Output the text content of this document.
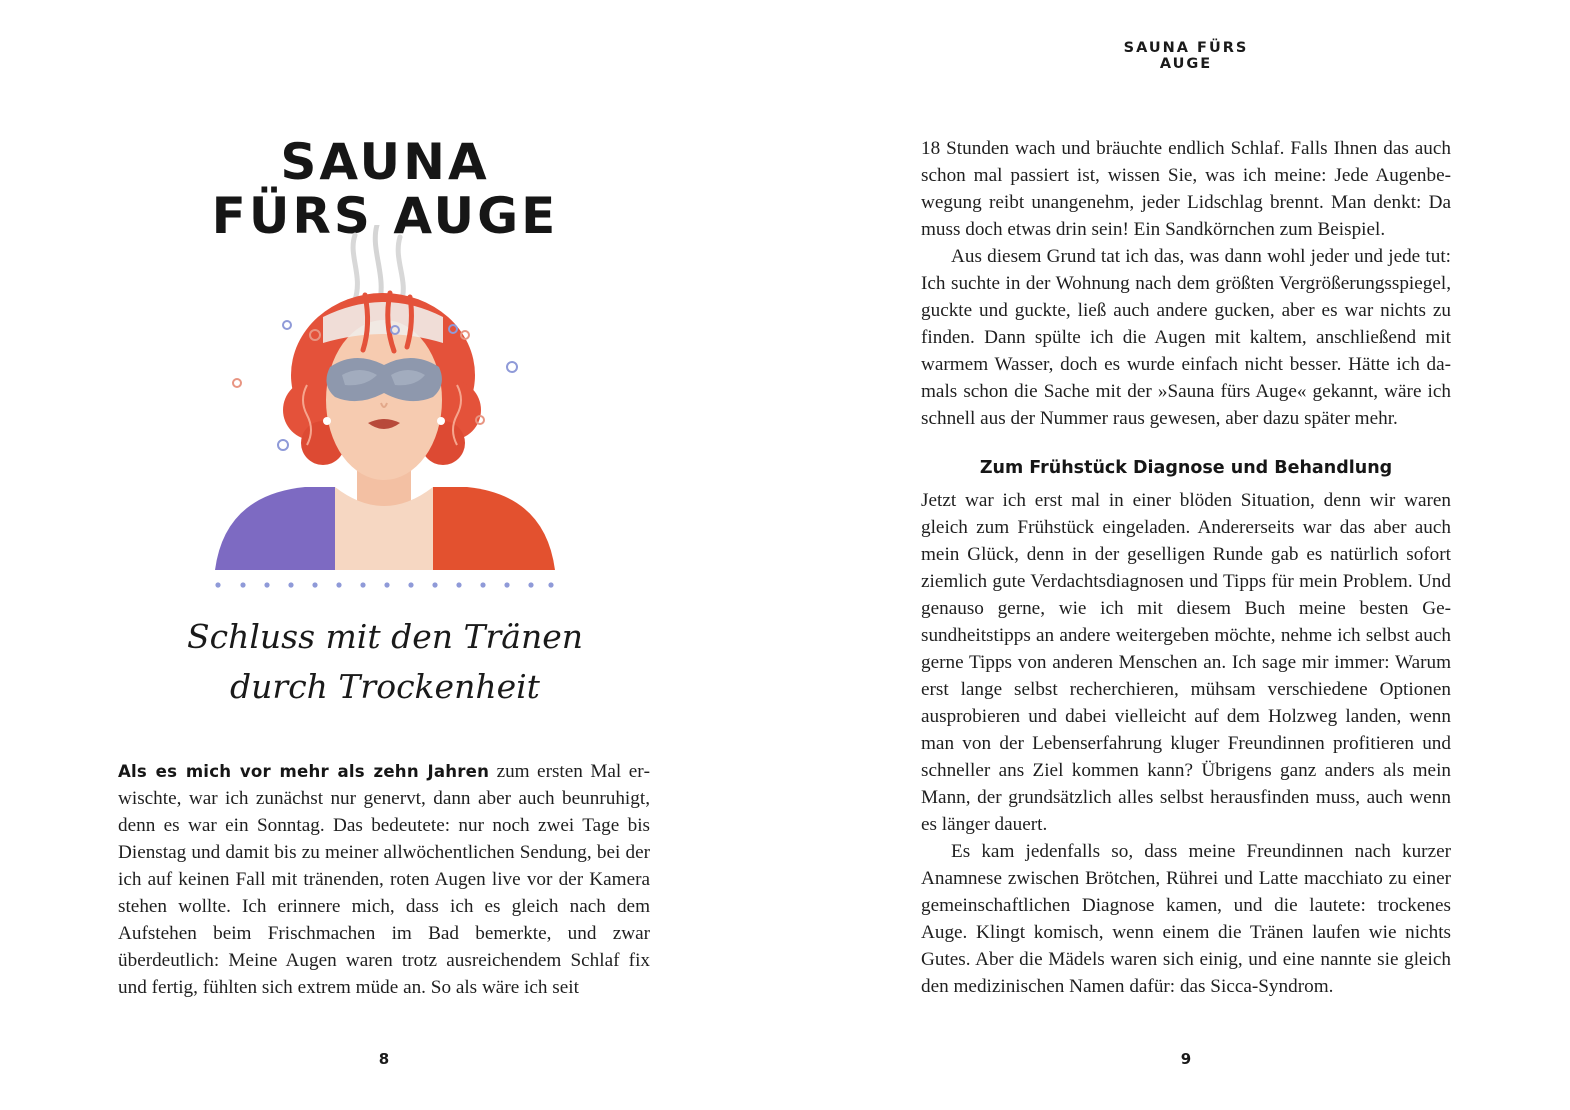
SAUNA
FÜRS AUGE
Schluss mit den Tränen
durch Trockenheit

Als es mich vor mehr als zehn Jahren zum ersten Mal erwischte, war ich zunächst nur genervt, dann aber auch beunruhigt, denn es war ein Sonntag. Das bedeutete: nur noch zwei Tage bis Dienstag und damit bis zu meiner allwöchentlichen Sendung, bei der ich auf keinen Fall mit tränenden, roten Augen live vor der Kamera stehen wollte. Ich erinnere mich, dass ich es gleich nach dem Aufstehen beim Frischmachen im Bad bemerkte, und zwar überdeutlich: Meine Augen waren trotz ausreichendem Schlaf fix und fertig, fühlten sich extrem müde an. So als wäre ich seit

8
SAUNA FÜRS AUGE

18 Stunden wach und bräuchte endlich Schlaf. Falls Ihnen das auch schon mal passiert ist, wissen Sie, was ich meine: Jede Augenbewegung reibt unangenehm, jeder Lidschlag brennt. Man denkt: Da muss doch etwas drin sein! Ein Sandkörnchen zum Beispiel.

Aus diesem Grund tat ich das, was dann wohl jeder und jede tut: Ich suchte in der Wohnung nach dem größten Vergrößerungsspiegel, guckte und guckte, ließ auch andere gucken, aber es war nichts zu finden. Dann spülte ich die Augen mit kaltem, anschließend mit warmem Wasser, doch es wurde einfach nicht besser. Hätte ich damals schon die Sache mit der »Sauna fürs Auge« gekannt, wäre ich schnell aus der Nummer raus gewesen, aber dazu später mehr.

Zum Frühstück Diagnose und Behandlung

Jetzt war ich erst mal in einer blöden Situation, denn wir waren gleich zum Frühstück eingeladen. Andererseits war das aber auch mein Glück, denn in der geselligen Runde gab es natürlich sofort ziemlich gute Verdachtsdiagnosen und Tipps für mein Problem. Und genauso gerne, wie ich mit diesem Buch meine besten Gesundheitstipps an andere weitergeben möchte, nehme ich selbst auch gerne Tipps von anderen Menschen an. Ich sage mir immer: Warum erst lange selbst recherchieren, mühsam verschiedene Optionen ausprobieren und dabei vielleicht auf dem Holzweg landen, wenn man von der Lebenserfahrung kluger Freundinnen profitieren und schneller ans Ziel kommen kann? Übrigens ganz anders als mein Mann, der grundsätzlich alles selbst herausfinden muss, auch wenn es länger dauert.

Es kam jedenfalls so, dass meine Freundinnen nach kurzer Anamnese zwischen Brötchen, Rührei und Latte macchiato zu einer gemeinschaftlichen Diagnose kamen, und die lautete: trockenes Auge. Klingt komisch, wenn einem die Tränen laufen wie nichts Gutes. Aber die Mädels waren sich einig, und eine nannte sie gleich den medizinischen Namen dafür: das Sicca-Syndrom.

9
